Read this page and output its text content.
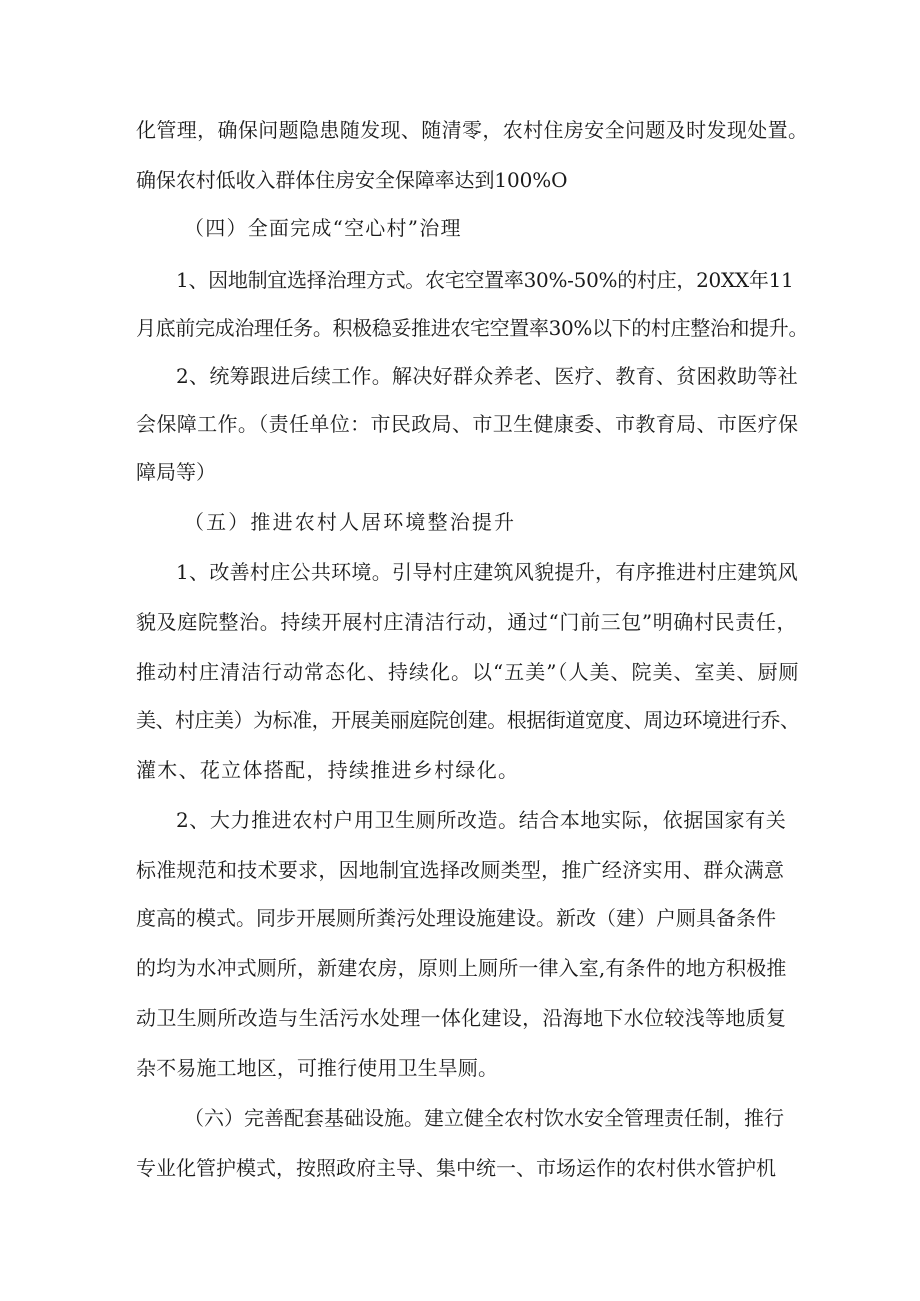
化管理，确保问题隐患随发现、随清零，农村住房安全问题及时发现处置。
确保农村低收入群体住房安全保障率达到100%O
（四）全面完成“空心村”治理
1、因地制宜选择治理方式。农宅空置率30%-50%的村庄，20XX年11
月底前完成治理任务。积极稳妥推进农宅空置率30%以下的村庄整治和提升。
2、统筹跟进后续工作。解决好群众养老、医疗、教育、贫困救助等社
会保障工作。（责任单位：市民政局、市卫生健康委、市教育局、市医疗保
障局等）
（五）推进农村人居环境整治提升
1、改善村庄公共环境。引导村庄建筑风貌提升，有序推进村庄建筑风
貌及庭院整治。持续开展村庄清洁行动，通过“门前三包”明确村民责任，
推动村庄清洁行动常态化、持续化。以“五美”（人美、院美、室美、厨厕
美、村庄美）为标准，开展美丽庭院创建。根据街道宽度、周边环境进行乔、
灌木、花立体搭配，持续推进乡村绿化。
2、大力推进农村户用卫生厕所改造。结合本地实际，依据国家有关
标准规范和技术要求，因地制宜选择改厕类型，推广经济实用、群众满意
度高的模式。同步开展厕所粪污处理设施建设。新改（建）户厕具备条件
的均为水冲式厕所，新建农房，原则上厕所一律入室,有条件的地方积极推
动卫生厕所改造与生活污水处理一体化建设，沿海地下水位较浅等地质复
杂不易施工地区，可推行使用卫生旱厕。
（六）完善配套基础设施。建立健全农村饮水安全管理责任制，推行
专业化管护模式，按照政府主导、集中统一、市场运作的农村供水管护机
